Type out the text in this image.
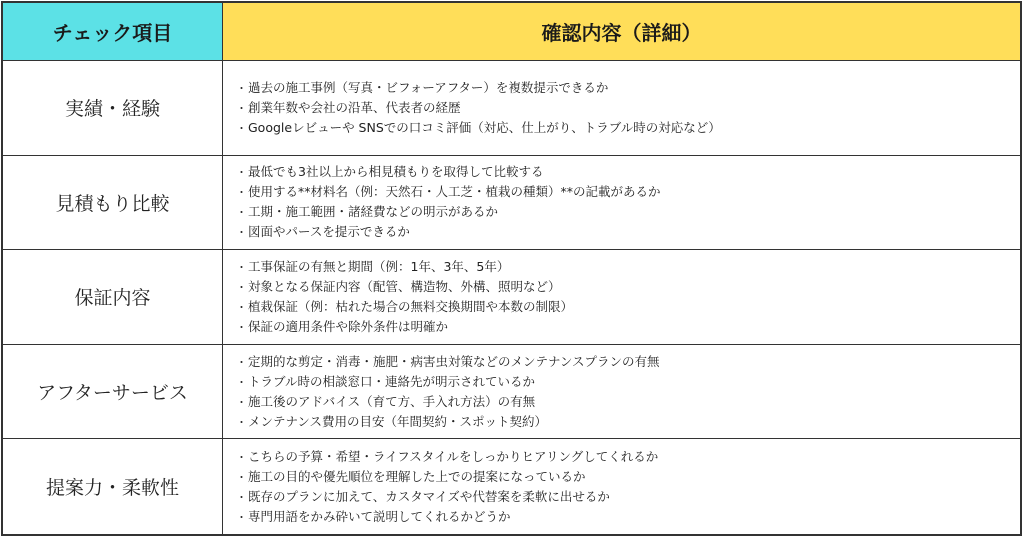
チェック項目	確認内容（詳細）
実績・経験
・ 過去の施工事例（写真・ビフォーアフター）を複数提示できるか
・ 創業年数や会社の沿革、代表者の経歴
・ Googleレビューや SNSでの口コミ評価（対応、仕上がり、トラブル時の対応など）
見積もり比較
・ 最低でも3社以上から相見積もりを取得して比較する
・ 使用する**材料名（例：天然石・人工芝・植栽の種類）**の記載があるか
・ 工期・施工範囲・諸経費などの明示があるか
・ 図面やパースを提示できるか
保証内容
・ 工事保証の有無と期間（例：1年、3年、5年）
・ 対象となる保証内容（配管、構造物、外構、照明など）
・ 植栽保証（例：枯れた場合の無料交換期間や本数の制限）
・ 保証の適用条件や除外条件は明確か
アフターサービス
・ 定期的な剪定・消毒・施肥・病害虫対策などのメンテナンスプランの有無
・ トラブル時の相談窓口・連絡先が明示されているか
・ 施工後のアドバイス（育て方、手入れ方法）の有無
・ メンテナンス費用の目安（年間契約・スポット契約）
提案力・柔軟性
・ こちらの予算・希望・ライフスタイルをしっかりヒアリングしてくれるか
・ 施工の目的や優先順位を理解した上での提案になっているか
・ 既存のプランに加えて、カスタマイズや代替案を柔軟に出せるか
・ 専門用語をかみ砕いて説明してくれるかどうか
